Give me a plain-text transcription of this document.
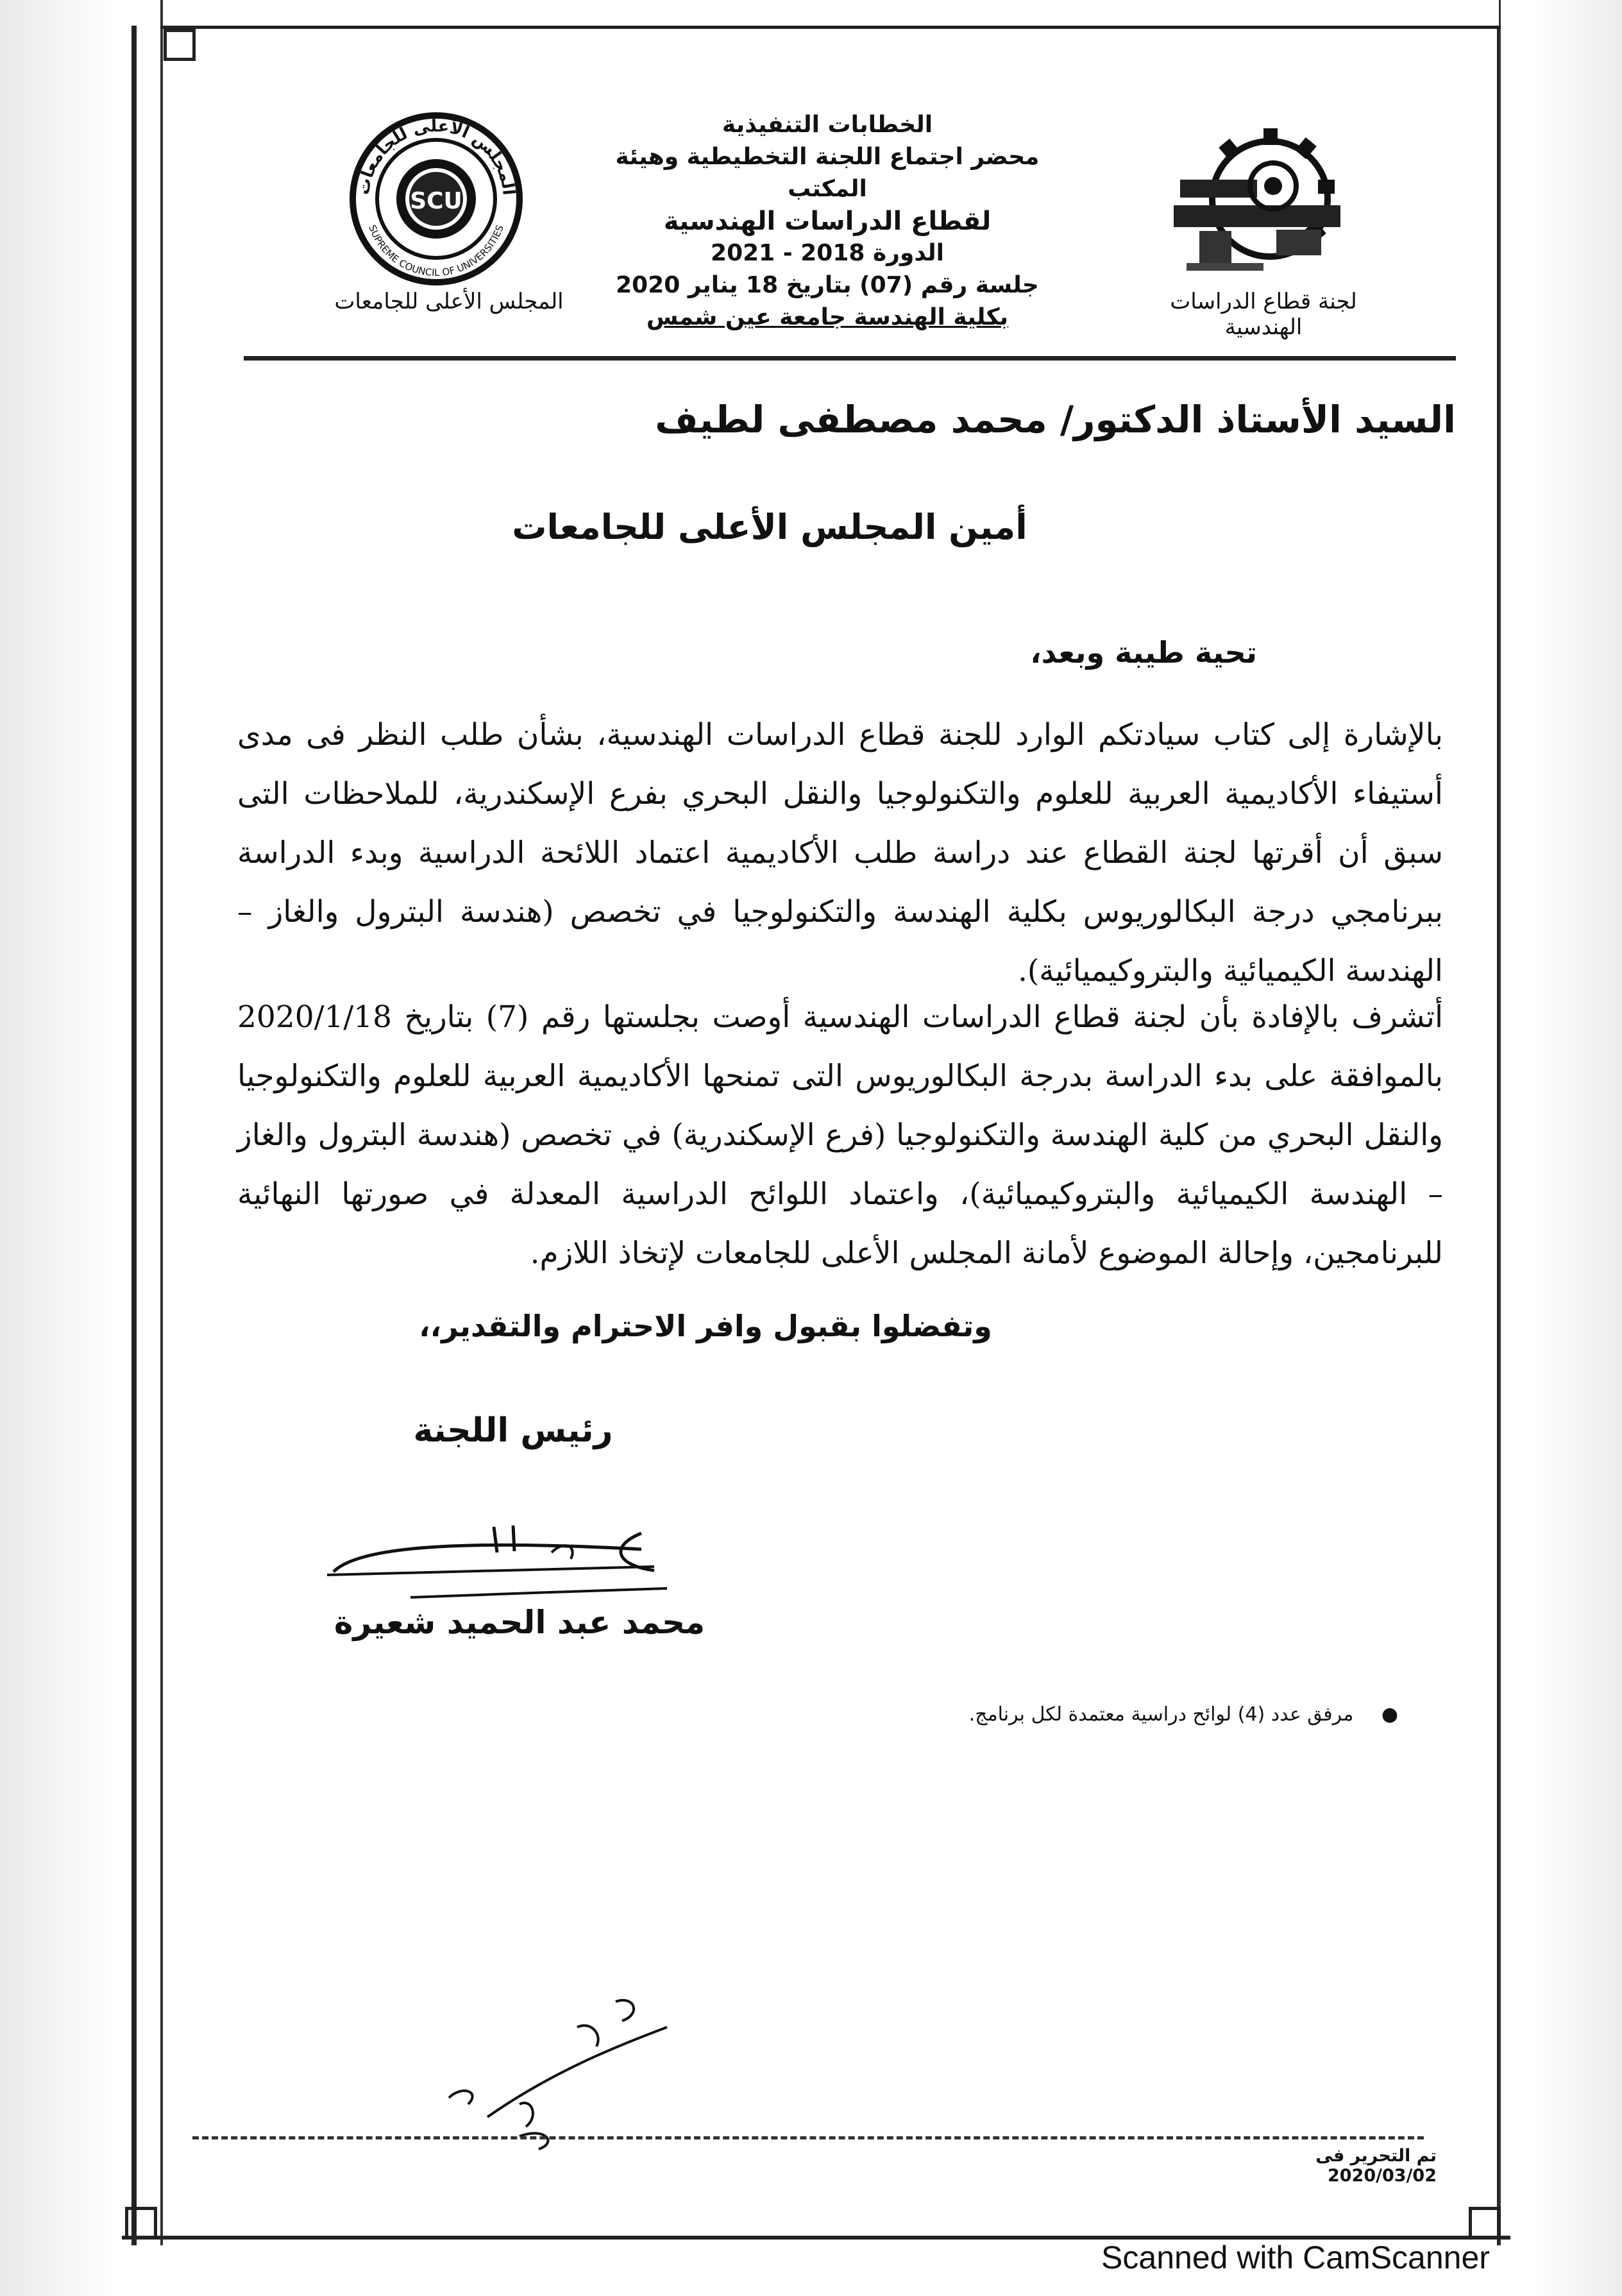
SCU
المجلس الأعلى للجامعات
SUPREME COUNCIL OF UNIVERSITIES
المجلس الأعلى للجامعات
الخطابات التنفيذية
محضر اجتماع اللجنة التخطيطية وهيئة المكتب
لقطاع الدراسات الهندسية
الدورة 2018 - 2021
جلسة رقم (07) بتاريخ 18 يناير 2020
بكلية الهندسة جامعة عين شمس
لجنة قطاع الدراسات الهندسية
السيد الأستاذ الدكتور/ محمد مصطفى لطيف
أمين المجلس الأعلى للجامعات
تحية طيبة وبعد،
بالإشارة إلى كتاب سيادتكم الوارد للجنة قطاع الدراسات الهندسية، بشأن طلب النظر فى مدى أستيفاء الأكاديمية العربية للعلوم والتكنولوجيا والنقل البحري بفرع الإسكندرية، للملاحظات التى سبق أن أقرتها لجنة القطاع عند دراسة طلب الأكاديمية اعتماد اللائحة الدراسية وبدء الدراسة ببرنامجي درجة البكالوريوس بكلية الهندسة والتكنولوجيا في تخصص (هندسة البترول والغاز – الهندسة الكيميائية والبتروكيميائية).
أتشرف بالإفادة بأن لجنة قطاع الدراسات الهندسية أوصت بجلستها رقم (7) بتاريخ 2020/1/18 بالموافقة على بدء الدراسة بدرجة البكالوريوس التى تمنحها الأكاديمية العربية للعلوم والتكنولوجيا والنقل البحري من كلية الهندسة والتكنولوجيا (فرع الإسكندرية) في تخصص (هندسة البترول والغاز – الهندسة الكيميائية والبتروكيميائية)، واعتماد اللوائح الدراسية المعدلة في صورتها النهائية للبرنامجين، وإحالة الموضوع لأمانة المجلس الأعلى للجامعات لإتخاذ اللازم.
وتفضلوا بقبول وافر الاحترام والتقدير،،
رئيس اللجنة
محمد عبد الحميد شعيرة
● مرفق عدد (4) لوائح دراسية معتمدة لكل برنامج.
تم التحرير فى 2020/03/02
Scanned with CamScanner
